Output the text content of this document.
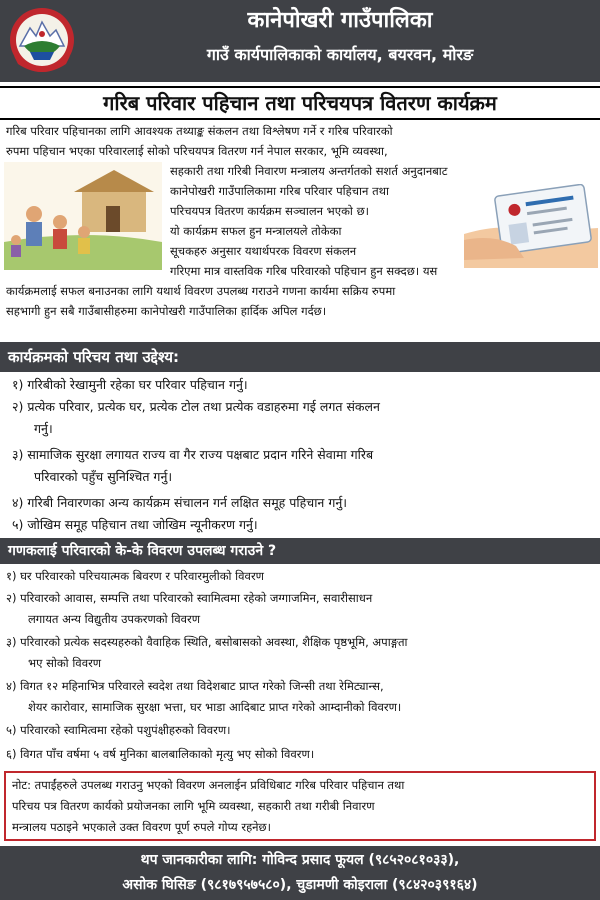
कानेपोखरी गाउँपालिका
गाउँ कार्यपालिकाको कार्यालय, बयरवन, मोरङ
गरिब परिवार पहिचान तथा परिचयपत्र वितरण कार्यक्रम
गरिब परिवार पहिचानका लागि आवश्यक तथ्याङ्क संकलन तथा विश्लेषण गर्ने र गरिब परिवारको
रुपमा पहिचान भएका परिवारलाई सोको परिचयपत्र वितरण गर्न नेपाल सरकार, भूमि व्यवस्था,
सहकारी तथा गरिबी निवारण मन्त्रालय अन्तर्गतको सशर्त अनुदानबाट
कानेपोखरी गाउँपालिकामा गरिब परिवार पहिचान तथा
परिचयपत्र वितरण कार्यक्रम सञ्चालन भएको छ।
यो कार्यक्रम सफल हुन मन्त्रालयले तोकेका
सूचकहरु अनुसार यथार्थपरक विवरण संकलन
गरिएमा मात्र वास्तविक गरिब परिवारको पहिचान हुन सक्दछ। यस
कार्यक्रमलाई सफल बनाउनका लागि यथार्थ विवरण उपलब्ध गराउने गणना कार्यमा सक्रिय रुपमा
सहभागी हुन सबै गाउँबासीहरुमा कानेपोखरी गाउँपालिका हार्दिक अपिल गर्दछ।
कार्यक्रमको परिचय तथा उद्देश्य:
१) गरिबीको रेखामुनी रहेका घर परिवार पहिचान गर्नु।
२) प्रत्येक परिवार, प्रत्येक घर, प्रत्येक टोल तथा प्रत्येक वडाहरुमा गई लगत संकलन
गर्नु।
३) सामाजिक सुरक्षा लगायत राज्य वा गैर राज्य पक्षबाट प्रदान गरिने सेवामा गरिब
परिवारको पहुँच सुनिश्चित गर्नु।
४) गरिबी निवारणका अन्य कार्यक्रम संचालन गर्न लक्षित समूह पहिचान गर्नु।
५) जोखिम समूह पहिचान तथा जोखिम न्यूनीकरण गर्नु।
गणकलाई परिवारको के-के विवरण उपलब्ध गराउने ?
१) घर परिवारको परिचयात्मक बिवरण र परिवारमुलीको विवरण
२) परिवारको आवास, सम्पत्ति तथा परिवारको स्वामित्वमा रहेको जग्गाजमिन, सवारीसाधन
लगायत अन्य विद्युतीय उपकरणको विवरण
३) परिवारको प्रत्येक सदस्यहरुको वैवाहिक स्थिति, बसोबासको अवस्था, शैक्षिक पृष्ठभूमि, अपाङ्गता
भए सोको विवरण
४) विगत १२ महिनाभित्र परिवारले स्वदेश तथा विदेशबाट प्राप्त गरेको जिन्सी तथा रेमिट्यान्स,
शेयर कारोवार, सामाजिक सुरक्षा भत्ता, घर भाडा आदिबाट प्राप्त गरेको आम्दानीको विवरण।
५) परिवारको स्वामित्वमा रहेको पशुपंक्षीहरुको विवरण।
६) विगत पाँच वर्षमा ५ वर्ष मुनिका बालबालिकाको मृत्यु भए सोको विवरण।
नोट: तपाईंहरुले उपलब्ध गराउनु भएको विवरण अनलाईन प्रविधिबाट गरिब परिवार पहिचान तथा
परिचय पत्र वितरण कार्यको प्रयोजनका लागि भूमि व्यवस्था, सहकारी तथा गरीबी निवारण
मन्त्रालय पठाइने भएकाले उक्त विवरण पूर्ण रुपले गोप्य रहनेछ।
थप जानकारीका लागि: गोविन्द प्रसाद फूयल (९८५२०८१०३३),
असोक घिसिङ (९८१७९५७५८०), चुडामणी कोइराला (९८४२०३९१६४)
